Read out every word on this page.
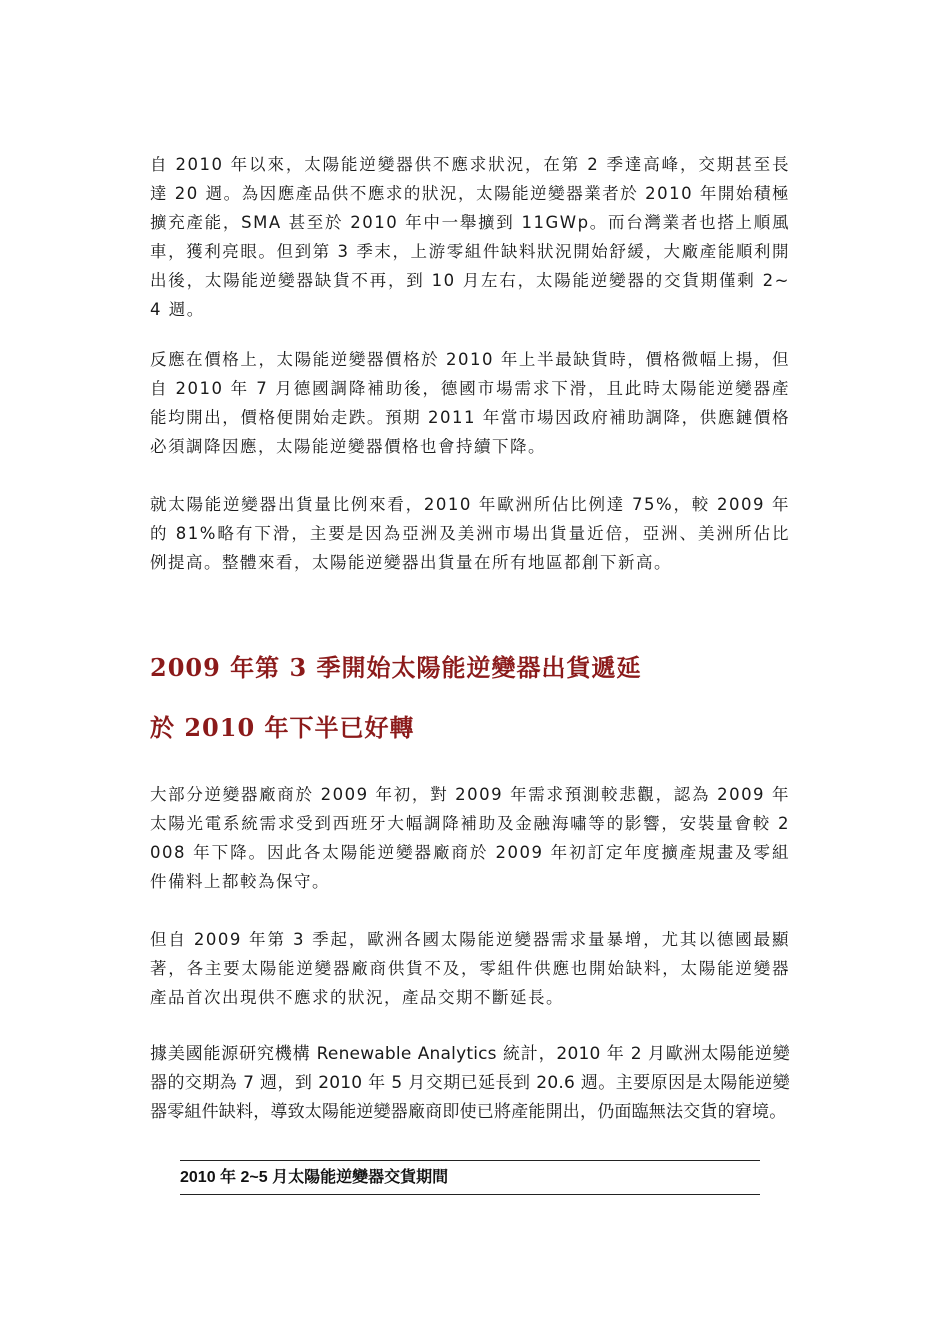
自 2010 年以來，太陽能逆變器供不應求狀況，在第 2 季達高峰，交期甚至長達 20 週。為因應產品供不應求的狀況，太陽能逆變器業者於 2010 年開始積極擴充產能，SMA 甚至於 2010 年中一舉擴到 11GWp。而台灣業者也搭上順風車，獲利亮眼。但到第 3 季末，上游零組件缺料狀況開始舒緩，大廠產能順利開出後，太陽能逆變器缺貨不再，到 10 月左右，太陽能逆變器的交貨期僅剩 2~4 週。

反應在價格上，太陽能逆變器價格於 2010 年上半最缺貨時，價格微幅上揚，但自 2010 年 7 月德國調降補助後，德國市場需求下滑，且此時太陽能逆變器產能均開出，價格便開始走跌。預期 2011 年當市場因政府補助調降，供應鏈價格必須調降因應，太陽能逆變器價格也會持續下降。

就太陽能逆變器出貨量比例來看，2010 年歐洲所佔比例達 75%，較 2009 年的 81%略有下滑，主要是因為亞洲及美洲市場出貨量近倍，亞洲、美洲所佔比例提高。整體來看，太陽能逆變器出貨量在所有地區都創下新高。

2009 年第 3 季開始太陽能逆變器出貨遞延
於 2010 年下半已好轉

大部分逆變器廠商於 2009 年初，對 2009 年需求預測較悲觀，認為 2009 年太陽光電系統需求受到西班牙大幅調降補助及金融海嘯等的影響，安裝量會較 2008 年下降。因此各太陽能逆變器廠商於 2009 年初訂定年度擴產規畫及零組件備料上都較為保守。

但自 2009 年第 3 季起，歐洲各國太陽能逆變器需求量暴增，尤其以德國最顯著，各主要太陽能逆變器廠商供貨不及，零組件供應也開始缺料，太陽能逆變器產品首次出現供不應求的狀況，產品交期不斷延長。

據美國能源研究機構 Renewable Analytics 統計，2010 年 2 月歐洲太陽能逆變器的交期為 7 週，到 2010 年 5 月交期已延長到 20.6 週。主要原因是太陽能逆變器零組件缺料，導致太陽能逆變器廠商即使已將產能開出，仍面臨無法交貨的窘境。

2010 年 2~5 月太陽能逆變器交貨期間
